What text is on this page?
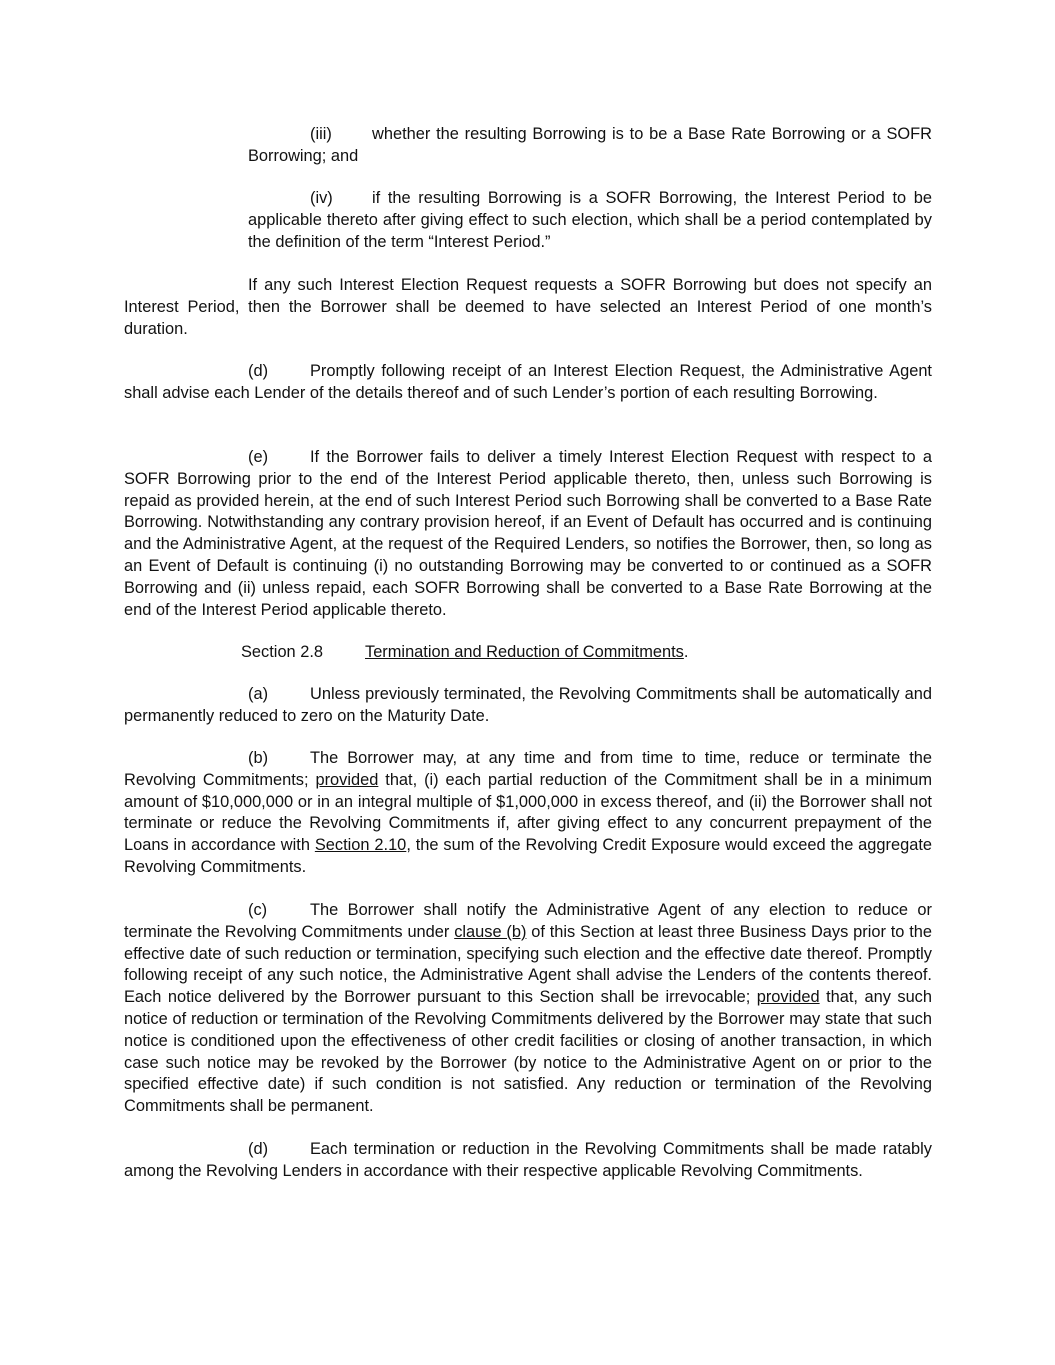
(iii) whether the resulting Borrowing is to be a Base Rate Borrowing or a SOFR Borrowing; and

(iv) if the resulting Borrowing is a SOFR Borrowing, the Interest Period to be applicable thereto after giving effect to such election, which shall be a period contemplated by the definition of the term “Interest Period.”

If any such Interest Election Request requests a SOFR Borrowing but does not specify an Interest Period, then the Borrower shall be deemed to have selected an Interest Period of one month’s duration.

(d)	Promptly following receipt of an Interest Election Request, the Administrative Agent shall advise each Lender of the details thereof and of such Lender’s portion of each resulting Borrowing.

(e)	If the Borrower fails to deliver a timely Interest Election Request with respect to a SOFR Borrowing prior to the end of the Interest Period applicable thereto, then, unless such Borrowing is repaid as provided herein, at the end of such Interest Period such Borrowing shall be converted to a Base Rate Borrowing. Notwithstanding any contrary provision hereof, if an Event of Default has occurred and is continuing and the Administrative Agent, at the request of the Required Lenders, so notifies the Borrower, then, so long as an Event of Default is continuing (i) no outstanding Borrowing may be converted to or continued as a SOFR Borrowing and (ii) unless repaid, each SOFR Borrowing shall be converted to a Base Rate Borrowing at the end of the Interest Period applicable thereto.

Section 2.8	Termination and Reduction of Commitments.

(a)	Unless previously terminated, the Revolving Commitments shall be automatically and permanently reduced to zero on the Maturity Date.

(b)	The Borrower may, at any time and from time to time, reduce or terminate the Revolving Commitments; provided that, (i) each partial reduction of the Commitment shall be in a minimum amount of $10,000,000 or in an integral multiple of $1,000,000 in excess thereof, and (ii) the Borrower shall not terminate or reduce the Revolving Commitments if, after giving effect to any concurrent prepayment of the Loans in accordance with Section 2.10, the sum of the Revolving Credit Exposure would exceed the aggregate Revolving Commitments.

(c)	The Borrower shall notify the Administrative Agent of any election to reduce or terminate the Revolving Commitments under clause (b) of this Section at least three Business Days prior to the effective date of such reduction or termination, specifying such election and the effective date thereof. Promptly following receipt of any such notice, the Administrative Agent shall advise the Lenders of the contents thereof. Each notice delivered by the Borrower pursuant to this Section shall be irrevocable; provided that, any such notice of reduction or termination of the Revolving Commitments delivered by the Borrower may state that such notice is conditioned upon the effectiveness of other credit facilities or closing of another transaction, in which case such notice may be revoked by the Borrower (by notice to the Administrative Agent on or prior to the specified effective date) if such condition is not satisfied. Any reduction or termination of the Revolving Commitments shall be permanent.

(d)	Each termination or reduction in the Revolving Commitments shall be made ratably among the Revolving Lenders in accordance with their respective applicable Revolving Commitments.
